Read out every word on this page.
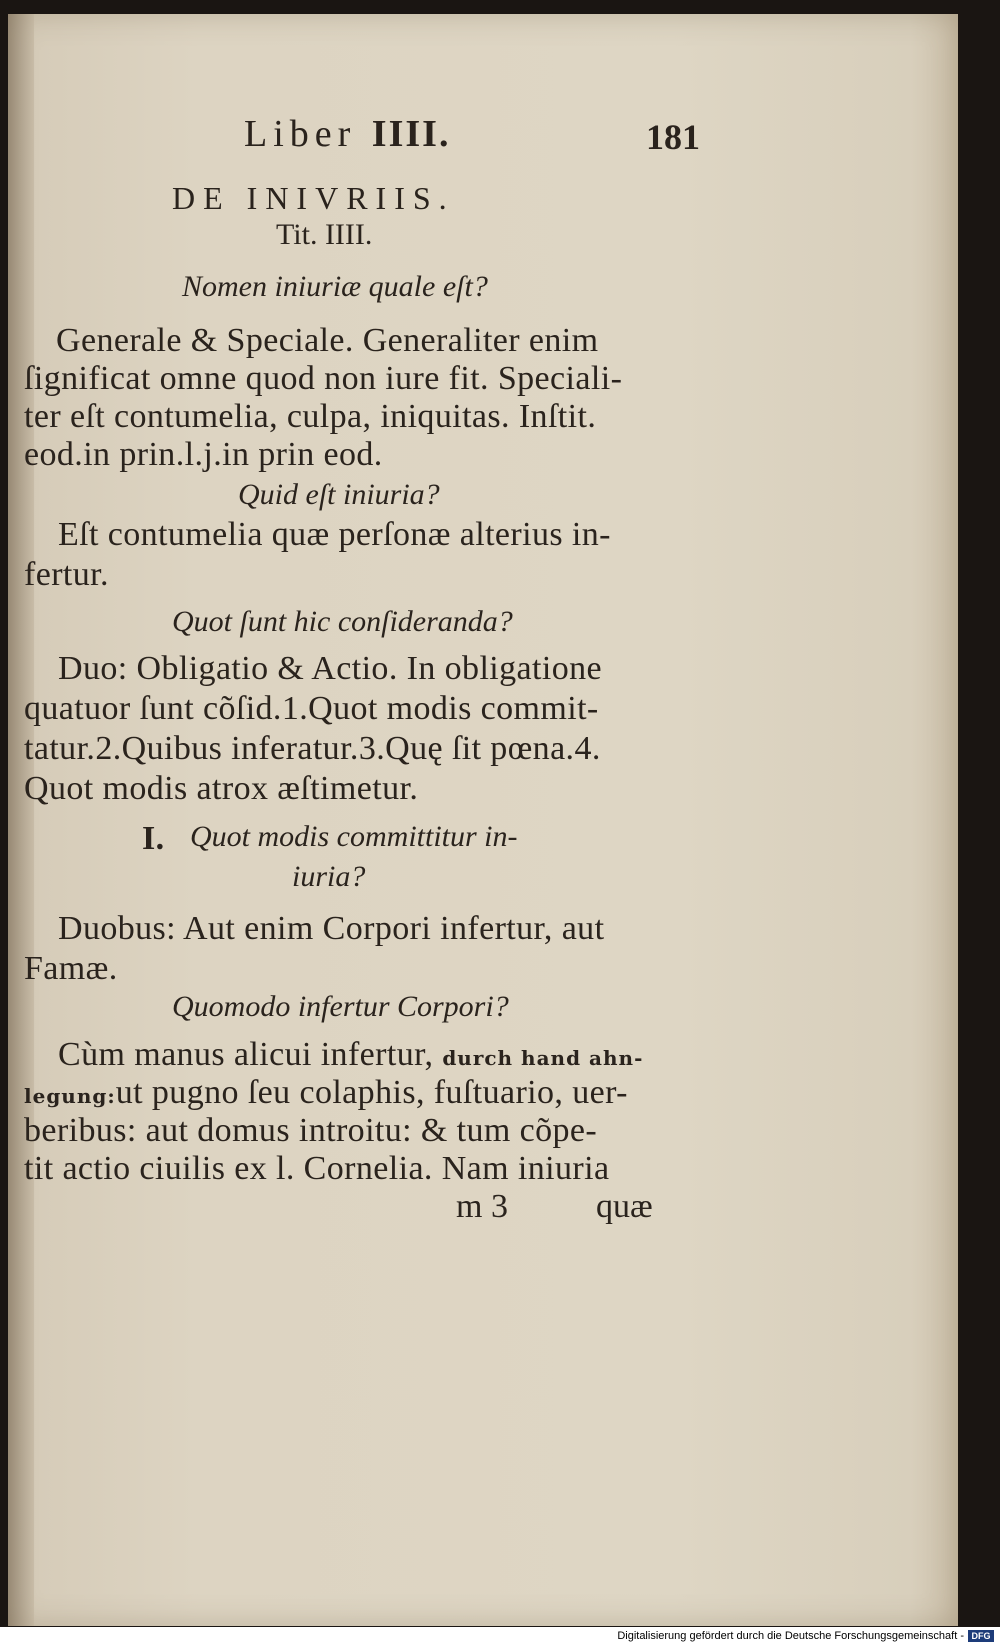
Liber IIII.	181
DE INIVRIIS.
Tit. IIII.
Nomen iniuriæ quale eſt?
Generale & Speciale. Generaliter enim
ſignificat omne quod non iure fit. Speciali-
ter eſt contumelia, culpa, iniquitas. Inſtit.
eod.in prin.l.j.in prin eod.
Quid eſt iniuria?
Eſt contumelia quæ perſonæ alterius in-
fertur.
Quot ſunt hic conſideranda?
Duo: Obligatio & Actio. In obligatione
quatuor ſunt cõſid.1.Quot modis commit-
tatur.2.Quibus inferatur.3.Quę ſit pœna.4.
Quot modis atrox æſtimetur.
I. Quot modis committitur in-
iuria?
Duobus: Aut enim Corpori infertur, aut
Famæ.
Quomodo infertur Corpori?
Cùm manus alicui infertur, durch hand ahn-
legung:ut pugno ſeu colaphis, fuſtuario, uer-
beribus: aut domus introitu: & tum cõpe-
tit actio ciuilis ex l. Cornelia. Nam iniuria
m 3	quæ
Digitalisierung gefördert durch die Deutsche Forschungsgemeinschaft - DFG
